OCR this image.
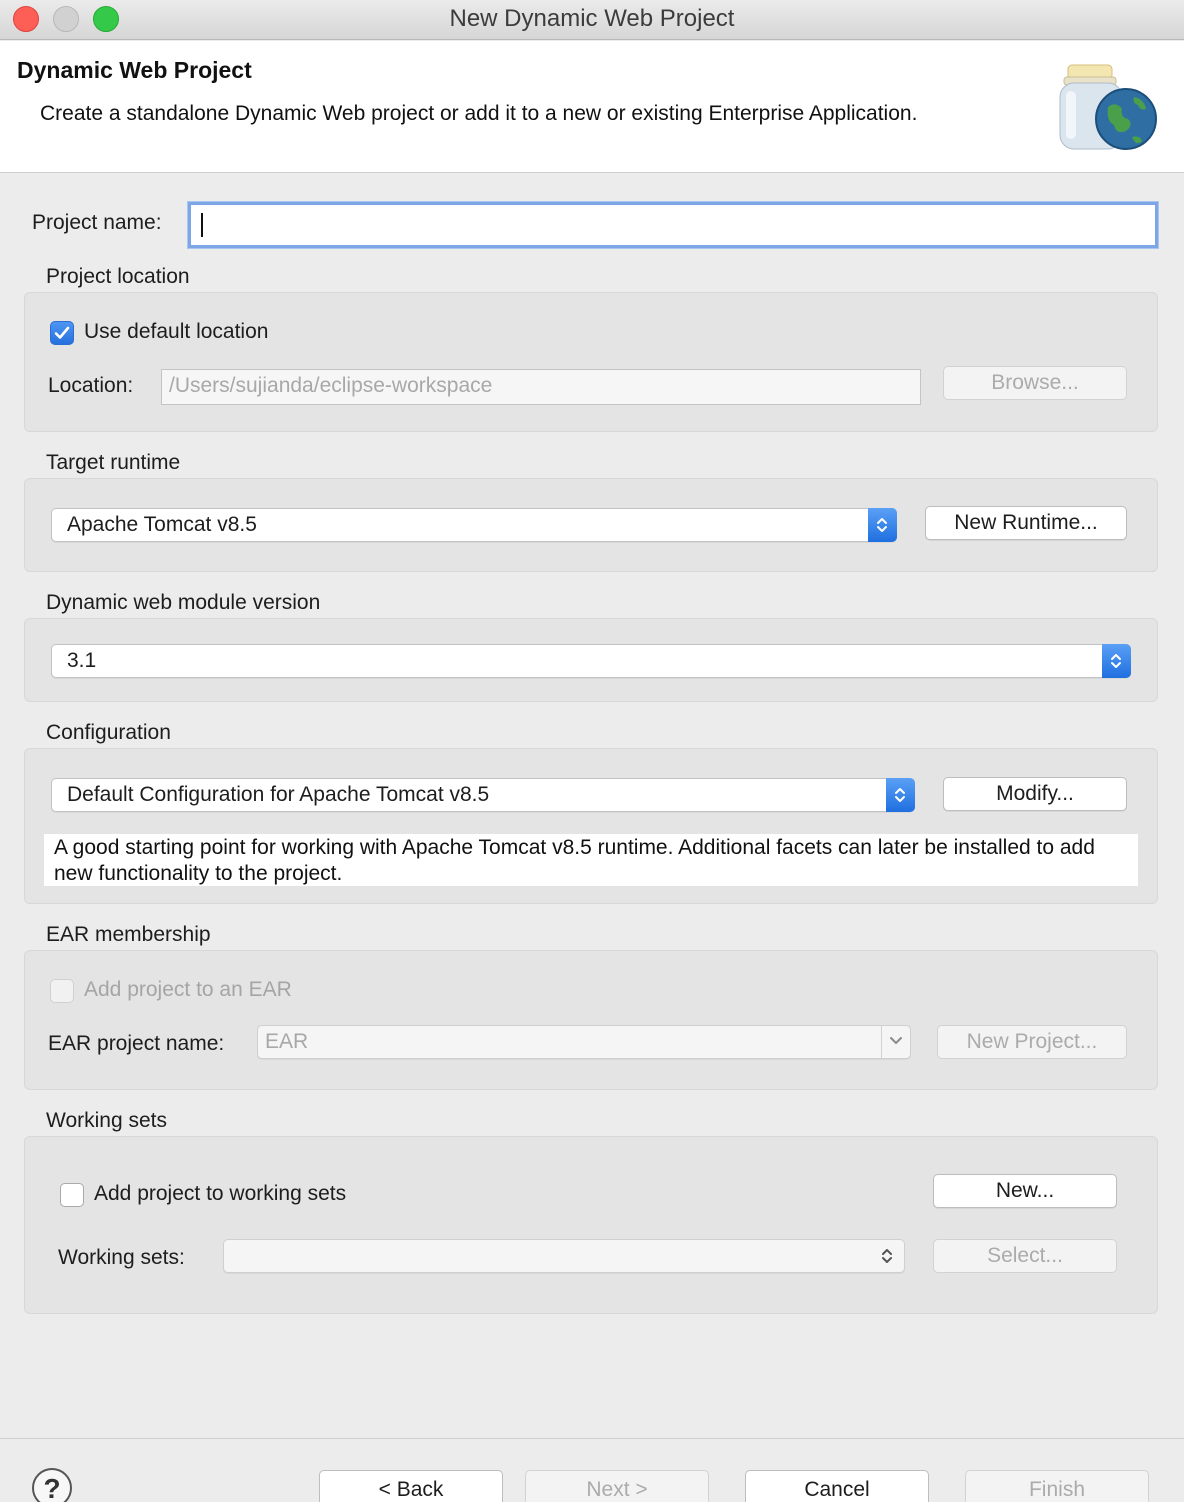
New Dynamic Web Project
Dynamic Web Project
Create a standalone Dynamic Web project or add it to a new or existing Enterprise Application.
Project name:
Project location
Use default location
Location:	/Users/sujianda/eclipse-workspace	Browse...
Target runtime
Apache Tomcat v8.5	New Runtime...
Dynamic web module version
3.1
Configuration
Default Configuration for Apache Tomcat v8.5	Modify...
A good starting point for working with Apache Tomcat v8.5 runtime. Additional facets can later be installed to add new functionality to the project.
EAR membership
Add project to an EAR
EAR project name:	EAR	New Project...
Working sets
Add project to working sets	New...
Working sets:	Select...
?	< Back	Next >	Cancel	Finish
